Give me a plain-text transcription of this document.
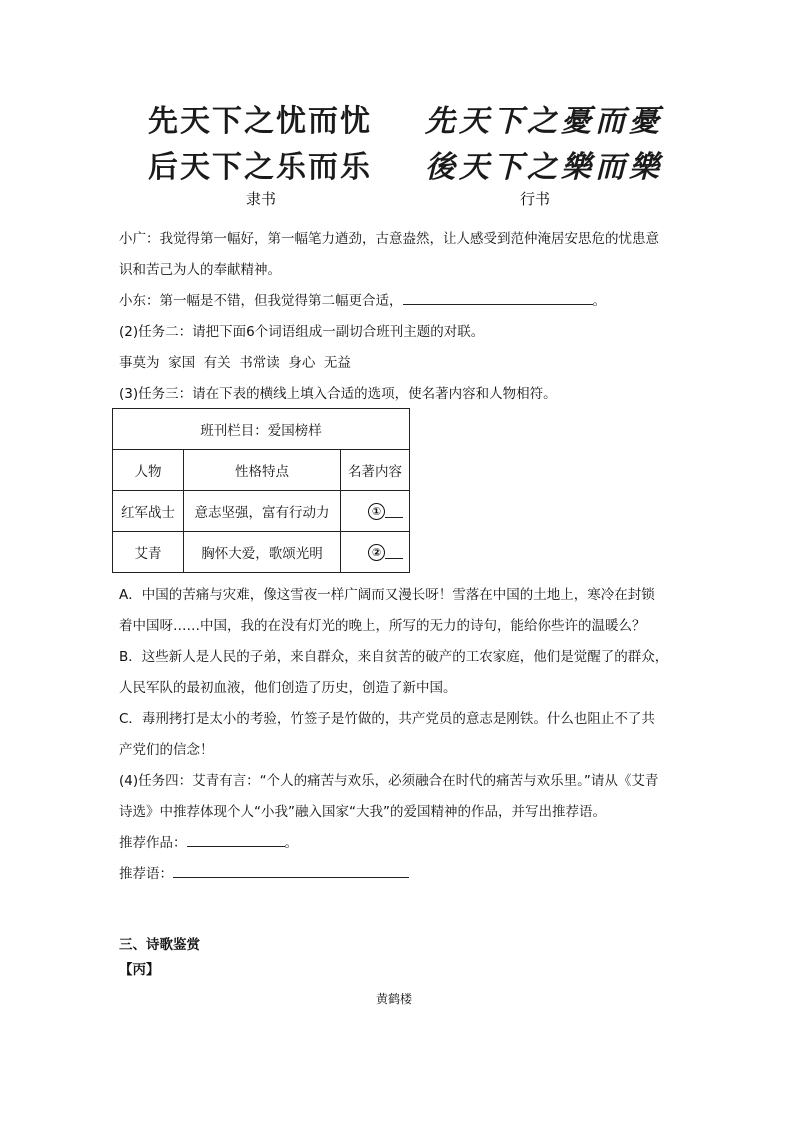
先天下之忧而忧 先天下之憂而憂
后天下之乐而乐 後天下之樂而樂
隶书	行书
小广：我觉得第一幅好，第一幅笔力遒劲，古意盎然，让人感受到范仲淹居安思危的忧患意
识和苦己为人的奉献精神。
小东：第一幅是不错，但我觉得第二幅更合适，	。
(2)任务二：请把下面6个词语组成一副切合班刊主题的对联。
事莫为  家国  有关  书常读  身心  无益
(3)任务三：请在下表的横线上填入合适的选项，使名著内容和人物相符。
班刊栏目：爱国榜样		
人物	性格特点	名著内容
红军战士	意志坚强，富有行动力	①
艾青	胸怀大爱，歌颂光明	②
A．中国的苦痛与灾难，像这雪夜一样广阔而又漫长呀！雪落在中国的土地上，寒冷在封锁
着中国呀……中国，我的在没有灯光的晚上，所写的无力的诗句，能给你些许的温暖么？
B．这些新人是人民的子弟，来自群众，来自贫苦的破产的工农家庭，他们是觉醒了的群众，
人民军队的最初血液，他们创造了历史，创造了新中国。
C．毒刑拷打是太小的考验，竹签子是竹做的，共产党员的意志是刚铁。什么也阻止不了共
产党们的信念！
(4)任务四：艾青有言：“个人的痛苦与欢乐，必须融合在时代的痛苦与欢乐里。”请从《艾青
诗选》中推荐体现个人“小我”融入国家“大我”的爱国精神的作品，并写出推荐语。
推荐作品：	。
推荐语：
三、诗歌鉴赏
【丙】
黄鹤楼
